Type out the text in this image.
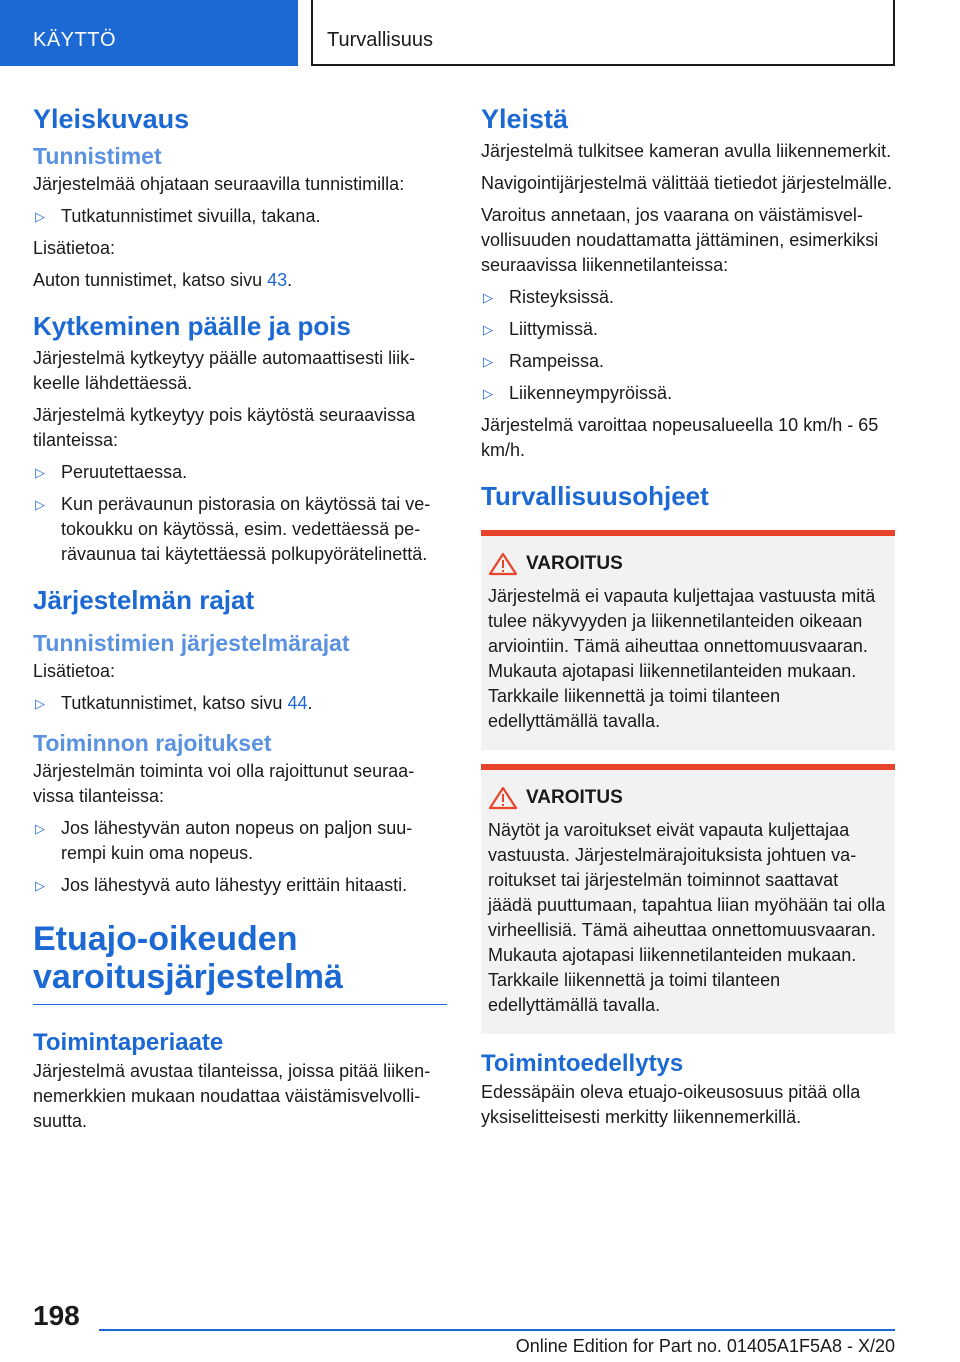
KÄYTTÖ	Turvallisuus
Yleiskuvaus
Tunnistimet

Järjestelmää ohjataan seuraavilla tunnistimilla:

▷ Tutkatunnistimet sivuilla, takana.

Lisätietoa:

Auton tunnistimet, katso sivu 43.

Kytkeminen päälle ja pois

Järjestelmä kytkeytyy päälle automaattisesti liikkeelle lähdettäessä.

Järjestelmä kytkeytyy pois käytöstä seuraavissa tilanteissa:

▷ Peruutettaessa.
▷ Kun perävaunun pistorasia on käytössä tai vetokoukku on käytössä, esim. vedettäessä perävaunua tai käytettäessä polkupyörätelinettä.
Järjestelmän rajat
Tunnistimien järjestelmärajat

Lisätietoa:

▷ Tutkatunnistimet, katso sivu 44.
Toiminnon rajoitukset

Järjestelmän toiminta voi olla rajoittunut seuraavissa tilanteissa:

▷ Jos lähestyvän auton nopeus on paljon suurempi kuin oma nopeus.
▷ Jos lähestyvä auto lähestyy erittäin hitaasti.
Etuajo-oikeuden
varoitusjärjestelmä
Toimintaperiaate

Järjestelmä avustaa tilanteissa, joissa pitää liikennemerkkien mukaan noudattaa väistämisvelvollisuutta.

Yleistä

Järjestelmä tulkitsee kameran avulla liikennemerkit.

Navigointijärjestelmä välittää tietiedot järjestelmälle.

Varoitus annetaan, jos vaarana on väistämisvelvollisuuden noudattamatta jättäminen, esimerkiksi seuraavissa liikennetilanteissa:

▷ Risteyksissä.
▷ Liittymissä.
▷ Rampeissa.
▷ Liikenneympyröissä.

Järjestelmä varoittaa nopeusalueella 10 km/h - 65 km/h.

Turvallisuusohjeet
VAROITUS

Järjestelmä ei vapauta kuljettajaa vastuusta mitä tulee näkyvyyden ja liikennetilanteiden oikeaan arviointiin. Tämä aiheuttaa onnettomuusvaaran. Mukauta ajotapasi liikennetilanteiden mukaan. Tarkkaile liikennettä ja toimi tilanteen edellyttämällä tavalla.

VAROITUS

Näytöt ja varoitukset eivät vapauta kuljettajaa vastuusta. Järjestelmärajoituksista johtuen varoitukset tai järjestelmän toiminnot saattavat jäädä puuttumaan, tapahtua liian myöhään tai olla virheellisiä. Tämä aiheuttaa onnettomuusvaaran. Mukauta ajotapasi liikennetilanteiden mukaan. Tarkkaile liikennettä ja toimi tilanteen edellyttämällä tavalla.

Toimintoedellytys

Edessäpäin oleva etuajo-oikeusosuus pitää olla yksiselitteisesti merkitty liikennemerkillä.

198
Online Edition for Part no. 01405A1F5A8 - X/20
